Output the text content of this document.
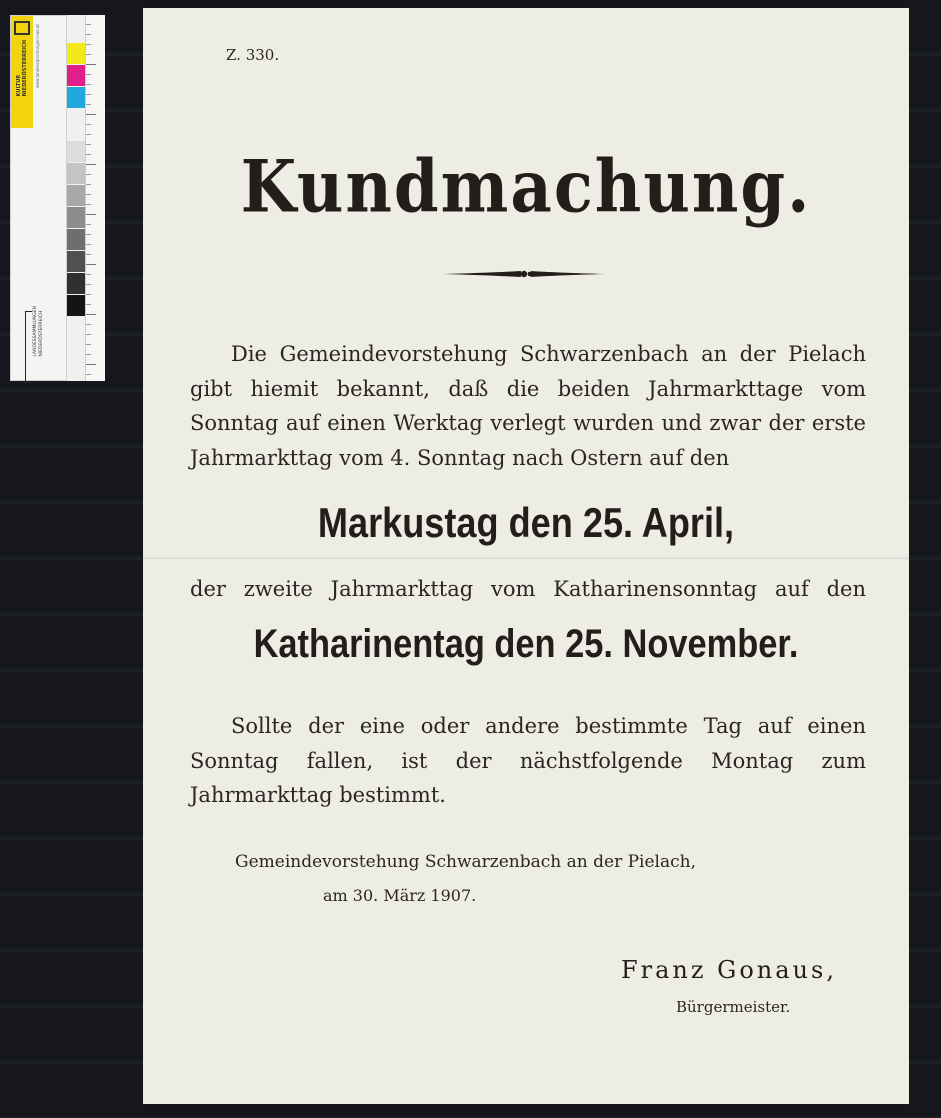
KULTUR
NIEDERÖSTERREICH www.landessammlungen-noe.at
LANDESSAMMLUNGEN
NIEDERÖSTERREICH
Z. 330.
Kundmachung.
Die Gemeindevorstehung Schwarzenbach an der Pielach gibt hiemit bekannt, daß die beiden Jahrmarkttage vom Sonntag auf einen Werktag verlegt wurden und zwar der erste Jahrmarkttag vom 4. Sonntag nach Ostern auf den
Markustag den 25. April,
der zweite Jahrmarkttag vom Katharinensonntag auf den
Katharinentag den 25. November.
Sollte der eine oder andere bestimmte Tag auf einen Sonntag fallen, ist der nächstfolgende Montag zum Jahrmarkttag bestimmt.
Gemeindevorstehung Schwarzenbach an der Pielach,
am 30. März 1907.
Franz Gonaus,
Bürgermeister.
